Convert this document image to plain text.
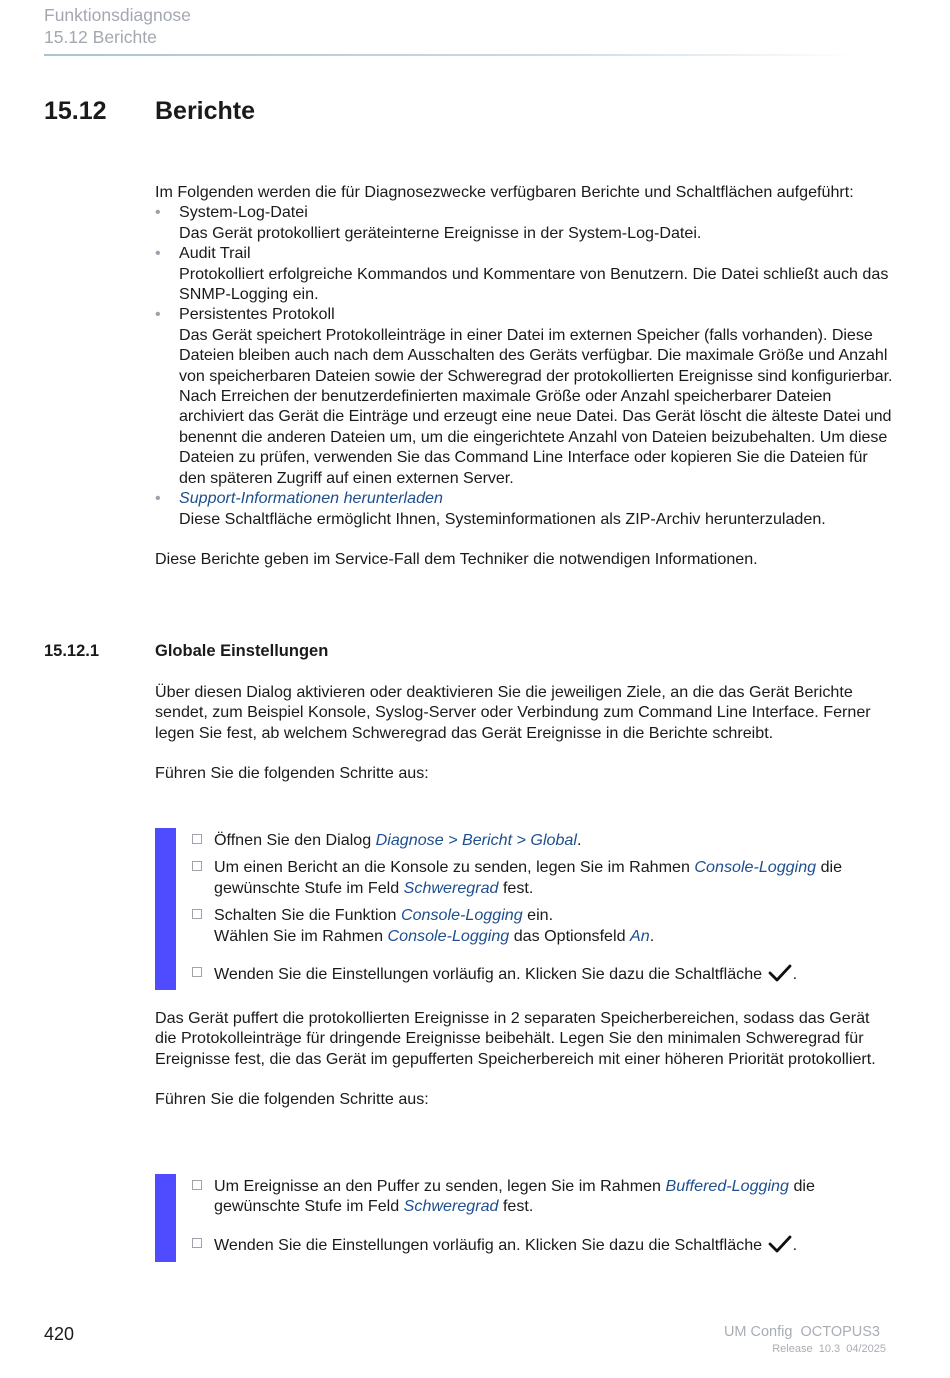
Funktionsdiagnose
15.12 Berichte
15.12 Berichte

Im Folgenden werden die für Diagnosezwecke verfügbaren Berichte und Schaltflächen aufgeführt:

• System-Log-Datei
Das Gerät protokolliert geräteinterne Ereignisse in der System-Log-Datei.
• Audit Trail
Protokolliert erfolgreiche Kommandos und Kommentare von Benutzern. Die Datei schließt auch das SNMP-Logging ein.
• Persistentes Protokoll
Das Gerät speichert Protokolleinträge in einer Datei im externen Speicher (falls vorhanden). Diese Dateien bleiben auch nach dem Ausschalten des Geräts verfügbar. Die maximale Größe und Anzahl von speicherbaren Dateien sowie der Schweregrad der protokollierten Ereignisse sind konfigurierbar. Nach Erreichen der benutzerdefinierten maximale Größe oder Anzahl speicherbarer Dateien archiviert das Gerät die Einträge und erzeugt eine neue Datei. Das Gerät löscht die älteste Datei und benennt die anderen Dateien um, um die eingerichtete Anzahl von Dateien beizubehalten. Um diese Dateien zu prüfen, verwenden Sie das Command Line Interface oder kopieren Sie die Dateien für den späteren Zugriff auf einen externen Server.
• Support-Informationen herunterladen
Diese Schaltfläche ermöglicht Ihnen, Systeminformationen als ZIP-Archiv herunterzuladen.

Diese Berichte geben im Service-Fall dem Techniker die notwendigen Informationen.

15.12.1	Globale Einstellungen

Über diesen Dialog aktivieren oder deaktivieren Sie die jeweiligen Ziele, an die das Gerät Berichte sendet, zum Beispiel Konsole, Syslog-Server oder Verbindung zum Command Line Interface. Ferner legen Sie fest, ab welchem Schweregrad das Gerät Ereignisse in die Berichte schreibt.

Führen Sie die folgenden Schritte aus:

Öffnen Sie den Dialog Diagnose > Bericht > Global.

Um einen Bericht an die Konsole zu senden, legen Sie im Rahmen Console-Logging die gewünschte Stufe im Feld Schweregrad fest.

Schalten Sie die Funktion Console-Logging ein.
Wählen Sie im Rahmen Console-Logging das Optionsfeld An.

Wenden Sie die Einstellungen vorläufig an. Klicken Sie dazu die Schaltfläche
.

Das Gerät puffert die protokollierten Ereignisse in 2 separaten Speicherbereichen, sodass das Gerät die Protokolleinträge für dringende Ereignisse beibehält. Legen Sie den minimalen Schweregrad für Ereignisse fest, die das Gerät im gepufferten Speicherbereich mit einer höheren Priorität protokolliert.

Führen Sie die folgenden Schritte aus:

Um Ereignisse an den Puffer zu senden, legen Sie im Rahmen Buffered-Logging die gewünschte Stufe im Feld Schweregrad fest.

Wenden Sie die Einstellungen vorläufig an. Klicken Sie dazu die Schaltfläche
.

420	UM Config  OCTOPUS3
Release  10.3  04/2025
